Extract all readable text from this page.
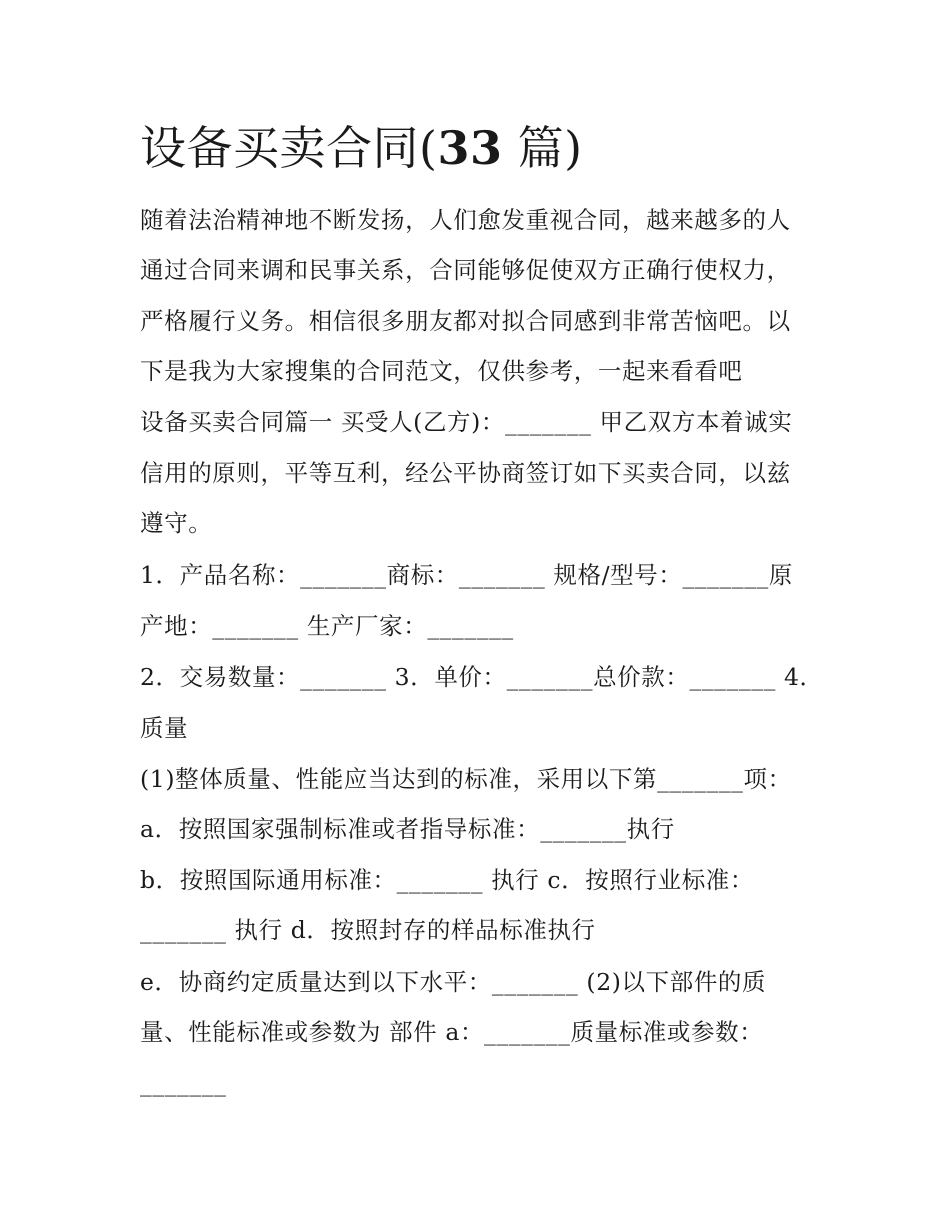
设备买卖合同(33 篇)

随着法治精神地不断发扬，人们愈发重视合同，越来越多的人

通过合同来调和民事关系，合同能够促使双方正确行使权力，

严格履行义务。相信很多朋友都对拟合同感到非常苦恼吧。以

下是我为大家搜集的合同范文，仅供参考，一起来看看吧

设备买卖合同篇一 买受人(乙方)：_______ 甲乙双方本着诚实

信用的原则，平等互利，经公平协商签订如下买卖合同，以兹

遵守。

1．产品名称：_______商标：_______ 规格/型号：_______原

产地：_______ 生产厂家：_______

2．交易数量：_______ 3．单价：_______总价款：_______ 4．

质量

(1)整体质量、性能应当达到的标准，采用以下第_______项：

a．按照国家强制标准或者指导标准：_______执行

b．按照国际通用标准：_______ 执行 c．按照行业标准：

_______ 执行 d．按照封存的样品标准执行

e．协商约定质量达到以下水平：_______ (2)以下部件的质

量、性能标准或参数为 部件 a：_______质量标准或参数：

_______
